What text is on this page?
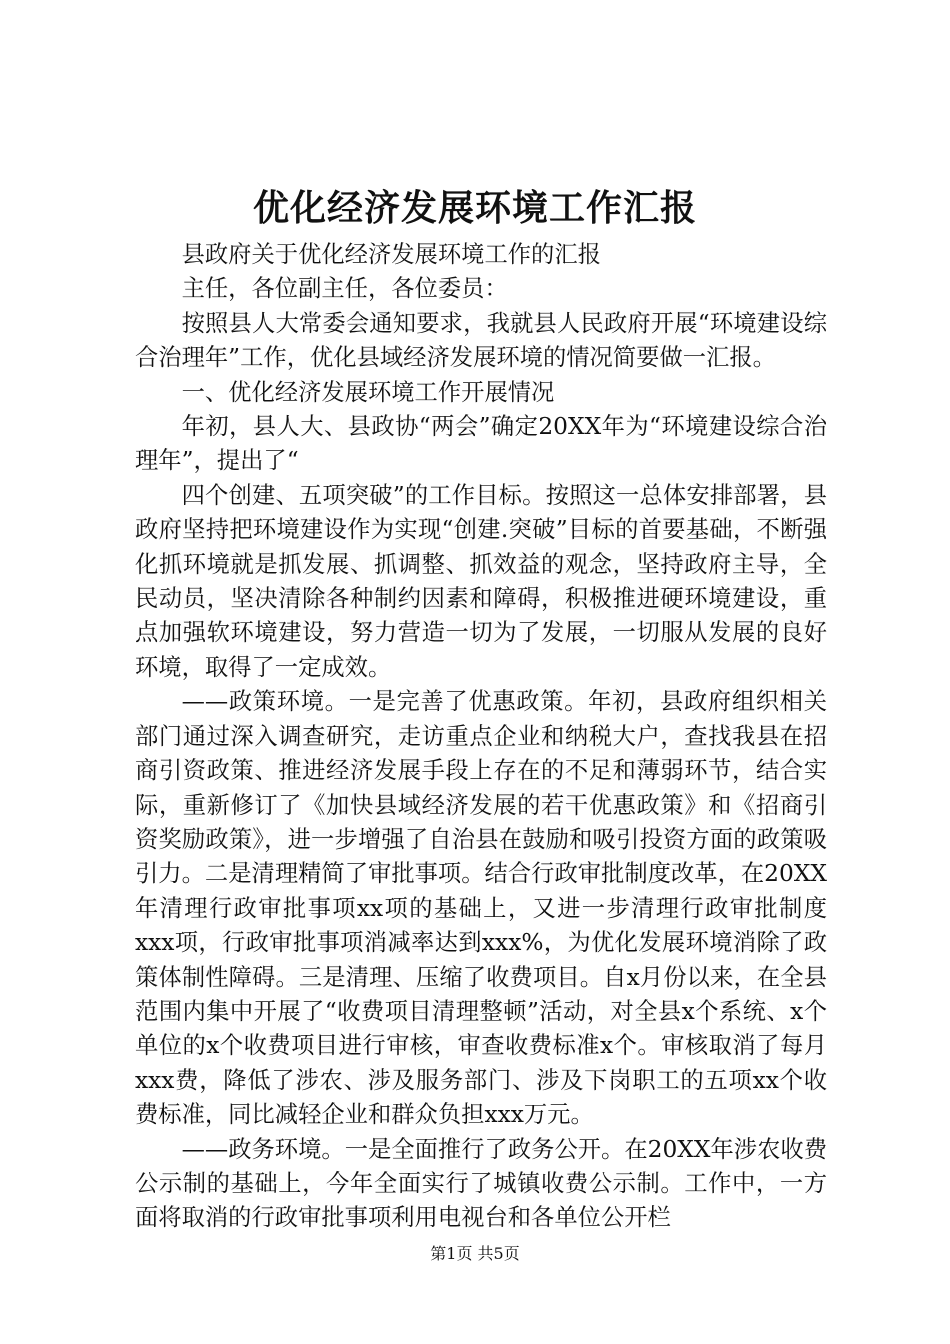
优化经济发展环境工作汇报

县政府关于优化经济发展环境工作的汇报

主任，各位副主任，各位委员：

按照县人大常委会通知要求，我就县人民政府开展“环境建设综合治理年”工作，优化县域经济发展环境的情况简要做一汇报。

一、优化经济发展环境工作开展情况

年初，县人大、县政协“两会”确定20XX年为“环境建设综合治理年”，提出了“

四个创建、五项突破”的工作目标。按照这一总体安排部署，县政府坚持把环境建设作为实现“创建.突破”目标的首要基础，不断强化抓环境就是抓发展、抓调整、抓效益的观念，坚持政府主导，全民动员，坚决清除各种制约因素和障碍，积极推进硬环境建设，重点加强软环境建设，努力营造一切为了发展，一切服从发展的良好环境，取得了一定成效。

——政策环境。一是完善了优惠政策。年初，县政府组织相关部门通过深入调查研究，走访重点企业和纳税大户，查找我县在招商引资政策、推进经济发展手段上存在的不足和薄弱环节，结合实际，重新修订了《加快县域经济发展的若干优惠政策》和《招商引资奖励政策》，进一步增强了自治县在鼓励和吸引投资方面的政策吸引力。二是清理精简了审批事项。结合行政审批制度改革，在20XX年清理行政审批事项xx项的基础上，又进一步清理行政审批制度xxx项，行政审批事项消减率达到xxx%，为优化发展环境消除了政策体制性障碍。三是清理、压缩了收费项目。自x月份以来，在全县范围内集中开展了“收费项目清理整顿”活动，对全县x个系统、x个单位的x个收费项目进行审核，审查收费标准x个。审核取消了每月xxx费，降低了涉农、涉及服务部门、涉及下岗职工的五项xx个收费标准，同比减轻企业和群众负担xxx万元。

——政务环境。一是全面推行了政务公开。在20XX年涉农收费公示制的基础上，今年全面实行了城镇收费公示制。工作中，一方面将取消的行政审批事项利用电视台和各单位公开栏

第1页 共5页
